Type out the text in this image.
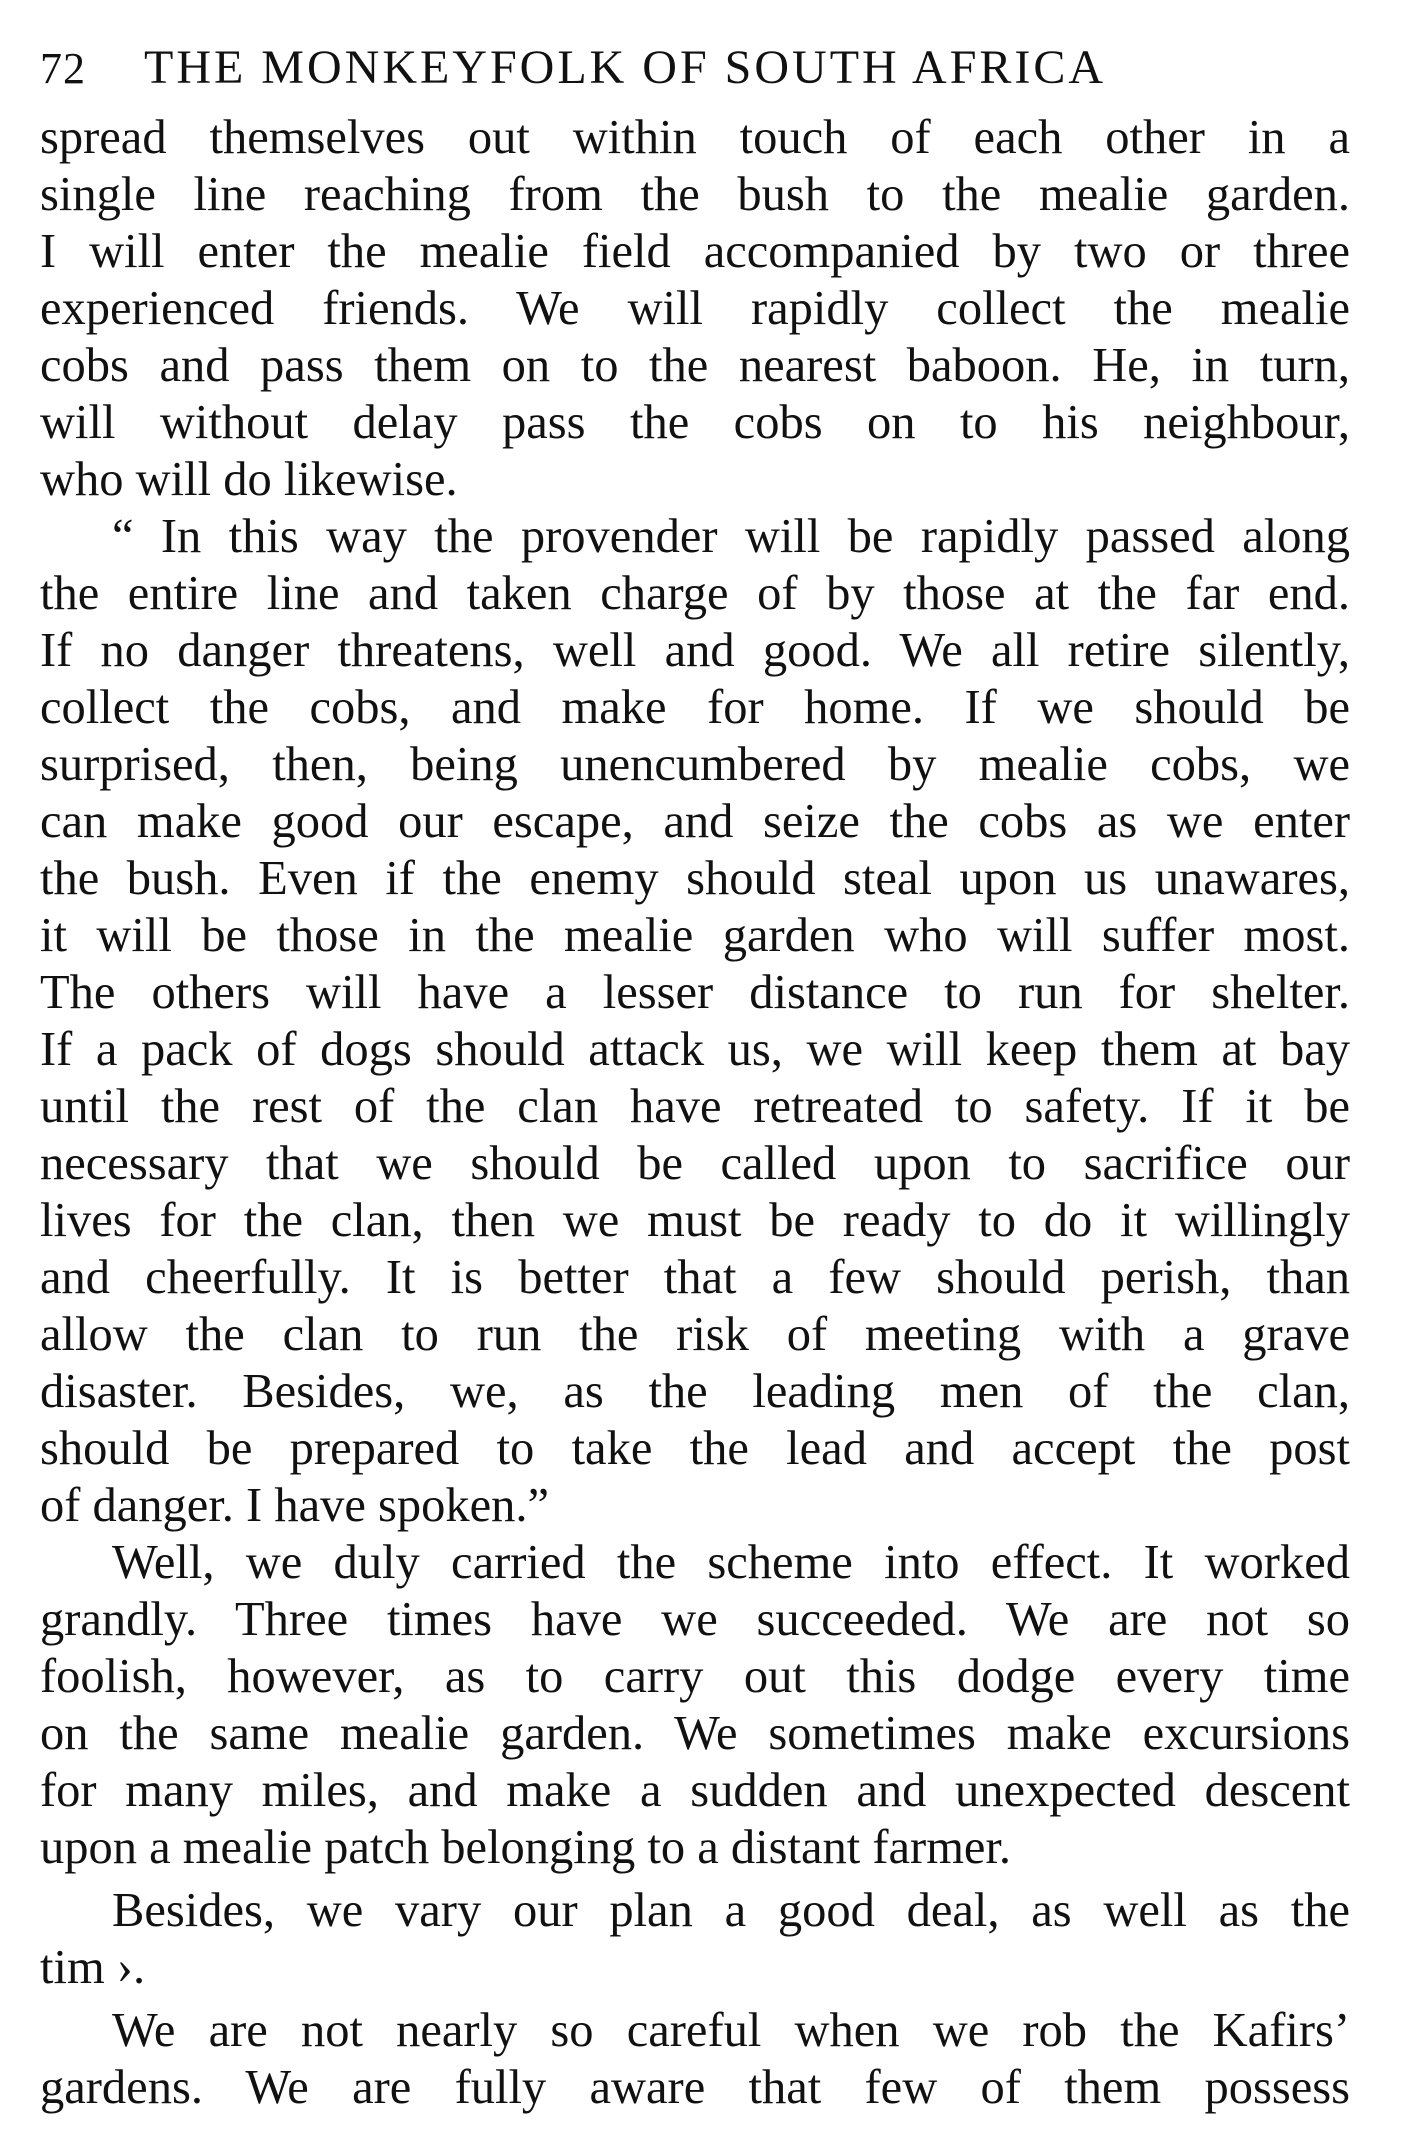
72	THE MONKEYFOLK OF SOUTH AFRICA

spread themselves out within touch of each other in a
single line reaching from the bush to the mealie garden.
I will enter the mealie field accompanied by two or three
experienced friends. We will rapidly collect the mealie
cobs and pass them on to the nearest baboon. He, in turn,
will without delay pass the cobs on to his neighbour,
who will do likewise.

“ In this way the provender will be rapidly passed along
the entire line and taken charge of by those at the far end.
If no danger threatens, well and good. We all retire silently,
collect the cobs, and make for home. If we should be
surprised, then, being unencumbered by mealie cobs, we
can make good our escape, and seize the cobs as we enter
the bush. Even if the enemy should steal upon us unawares,
it will be those in the mealie garden who will suffer most.
The others will have a lesser distance to run for shelter.
If a pack of dogs should attack us, we will keep them at bay
until the rest of the clan have retreated to safety. If it be
necessary that we should be called upon to sacrifice our
lives for the clan, then we must be ready to do it willingly
and cheerfully. It is better that a few should perish, than
allow the clan to run the risk of meeting with a grave
disaster. Besides, we, as the leading men of the clan,
should be prepared to take the lead and accept the post
of danger. I have spoken.”

Well, we duly carried the scheme into effect. It worked
grandly. Three times have we succeeded. We are not so
foolish, however, as to carry out this dodge every time
on the same mealie garden. We sometimes make excursions
for many miles, and make a sudden and unexpected descent
upon a mealie patch belonging to a distant farmer.

Besides, we vary our plan a good deal, as well as the
tim ›.

We are not nearly so careful when we rob the Kafirs’
gardens. We are fully aware that few of them possess
